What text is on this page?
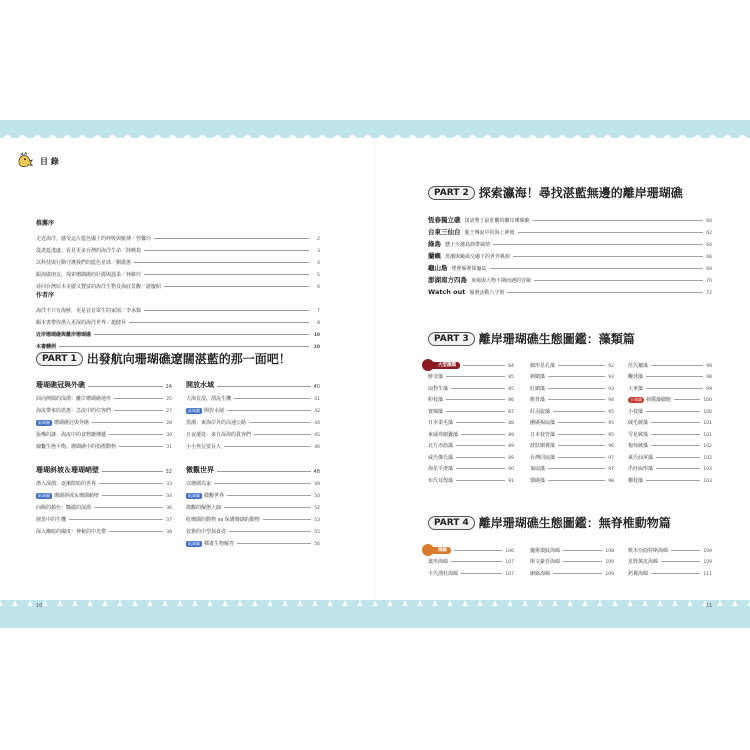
目 錄
推薦序
走近海洋，感受這片藍色國土的呼吸與脈搏／曾馨玲	2
從湛藍淺處，看見更多台灣的海洋生命／陸曉筠	3
以科技與行動守護我們的藍色星球／劉麗惠	4
跟海做朋友，探索珊瑚礁的壯麗與溫柔／林維玲	5
尋回台灣原本美麗又豐富的海洋生物及海底景觀／游慶昭	6
作者序
海洋不只有海鮮，更是首首眾生的家園／李承錄	7
願本書帶你潛入更深的海洋世界／趙健昇	8
近岸珊瑚礁與離岸珊瑚礁	10
本書體例	20
PART 1 出發航向珊瑚礁遼闊湛藍的那一面吧！
珊瑚礁冠與外礁	24
面向開闊的深淵：離岸珊瑚礁地形	25
海流帶來的恩惠：急流中的住客們	27
區域圖 珊瑚礁冠與外礁	28
張嘴的謎：海流中的食物鏈傳遞	30
線繫生態平衡、珊瑚礁中的指標動物	31
珊瑚斜坡＆珊瑚峭壁	32
潛入深淵：逐漸陰暗的世界	33
區域圖 珊瑚斜坡＆珊瑚峭壁	34
向陽的顏色：豔麗的深淵	36
層黑中的生機	37
深入幽暗的國度：神秘的中光帶	38
開放水域	40
大海荒漠、湧流生機	41
區域圖 開放水域	42
黑潮：東海岸外的高速公路	44
日夜遷徙：來自深海的貴客們	45
小小魚兒要長大	46
微觀世界	48
以珊瑚為家	49
區域圖 微觀世界	50
微觀的擬態大師	52
吃珊瑚的動物 vs 保護珊瑚的動物	53
狡猾的中型掠食者	55
區域圖 插畫生物解答	56
PART 2 探索瀛海！尋找湛藍無邊的離岸珊瑚礁
恆春獨立礁 探訪墾丁最壯觀的離岸珊瑚礁	60
台東三仙台 龍王傳說中的海上神壇	62
綠島 懸上火燒島熱帶風情	64
蘭嶼 黑潮與颱風交融下的世外桃源	66
龜山島 煙裡躲裡探龜島	68
澎湖南方四島 來場與大物不期而遇的冒險	70
Watch out 躲潛活動六守則	72
PART 3 離岸珊瑚礁生態圖鑑：藻類篇
大型藻類	84
鮮奈藻	85
扇對生藻	85
粉枝藻	86
寬咽藻	87
日本柔毛藻	88
東威弗網囊藻	89
北方赤筋藻	89
威氏傑氏藻	89
海星平滑藻	90
布氏耳殼藻	91
細形星孔藻	92
刺網藻	93
紅網藻	93
軟骨藻	94
紅羽旋藻	95
團繞褐扇藻	95
日本枝管藻	95
波狀網翼藻	96
台灣同扇藻	97
匍扇藻	97
環礁藻	98
范氏鑲藻	98
鞭球藻	98
大傘藻	99
小知識 發醬藻細胞	100
小枝藻	100
絨毛蕨藻	101
雪花蕨藻	101
葡萄蕨藻	102
萊氏仙掌藻	102
爪哇扁形藻	103
櫛枝藻	103
PART 4 離岸珊瑚礁生態圖鑑：無脊椎動物篇
海綿	106
葉形海綿	107
卡氏湧柱海綿	107
魔術環紋海綿	108
斯文豪苔海綿	109
網絡海綿	109
軟木亞曲特斯海綿	109
星野萬皮海綿	109
鈣翼海綿	111
10	11
